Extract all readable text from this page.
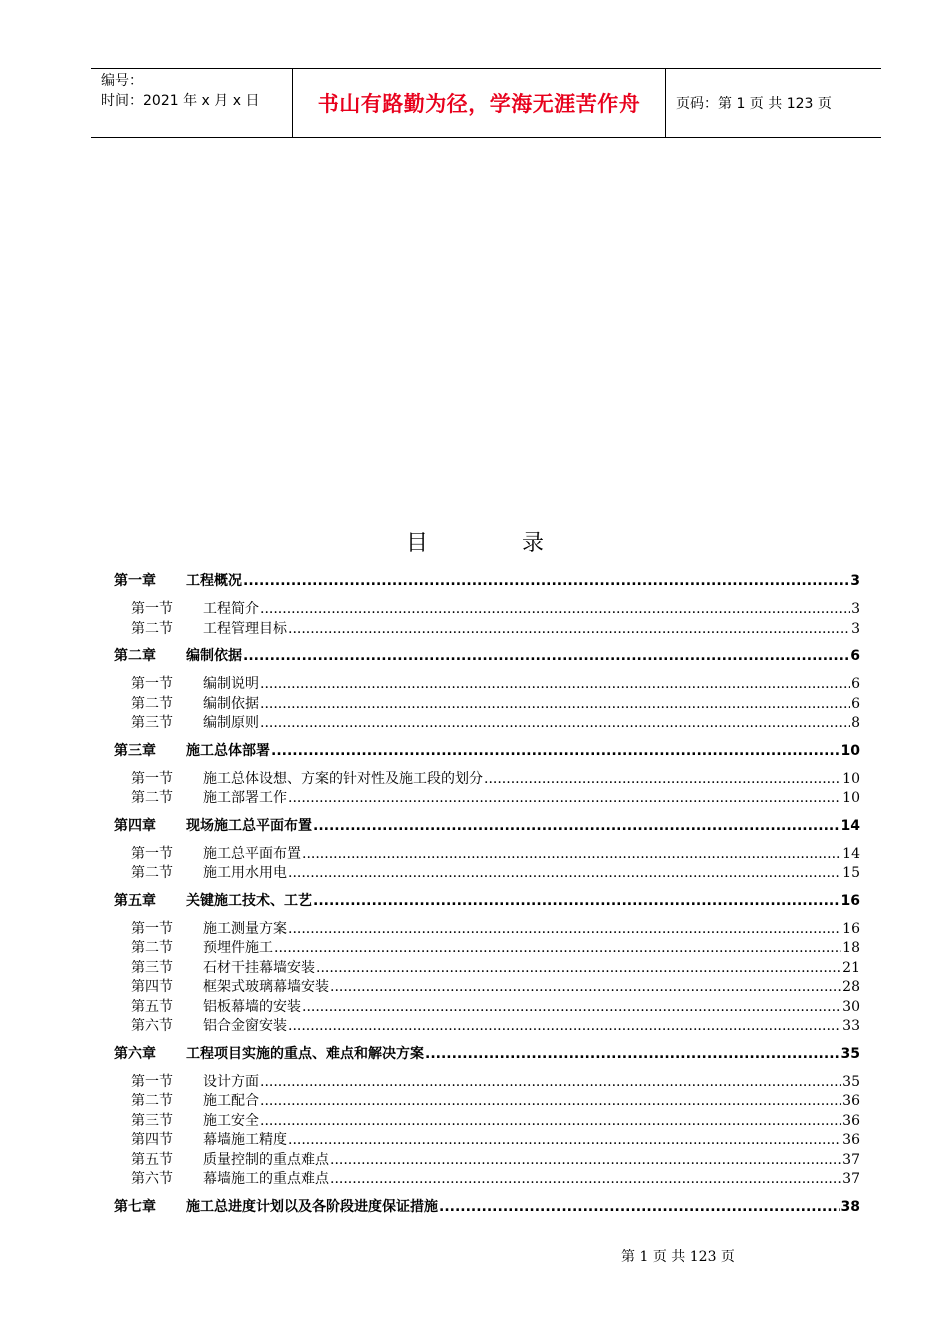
编号：
时间：2021 年 x 月 x 日	书山有路勤为径，学海无涯苦作舟	页码：第 1 页 共 123 页
目	录
第一章	工程概况 .....	3
第一节	工程简介 .....	3
第二节	工程管理目标 .....	3
第二章	编制依据 .....	6
第一节	编制说明 .....	6
第二节	编制依据 .....	6
第三节	编制原则 .....	8
第三章	施工总体部署 .....	10
第一节	施工总体设想、方案的针对性及施工段的划分 .....	10
第二节	施工部署工作 .....	10
第四章	现场施工总平面布置 .....	14
第一节	施工总平面布置 .....	14
第二节	施工用水用电 .....	15
第五章	关键施工技术、工艺 .....	16
第一节	施工测量方案 .....	16
第二节	预埋件施工 .....	18
第三节	石材干挂幕墙安装 .....	21
第四节	框架式玻璃幕墙安装 .....	28
第五节	铝板幕墙的安装 .....	30
第六节	铝合金窗安装 .....	33
第六章	工程项目实施的重点、难点和解决方案 .....	35
第一节	设计方面 .....	35
第二节	施工配合 .....	36
第三节	施工安全 .....	36
第四节	幕墙施工精度 .....	36
第五节	质量控制的重点难点 .....	37
第六节	幕墙施工的重点难点 .....	37
第七章	施工总进度计划以及各阶段进度保证措施 .....	38
第 1 页 共 123 页
